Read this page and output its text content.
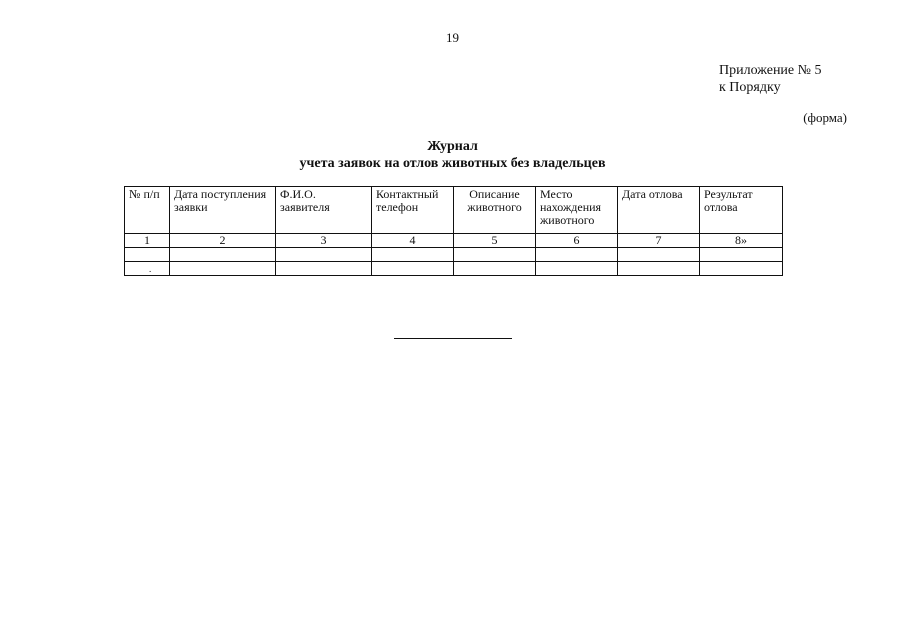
19
Приложение № 5
к Порядку
(форма)
Журнал
учета заявок на отлов животных без владельцев
№ п/п	Дата поступления заявки	Ф.И.О. заявителя	Контактный телефон	Описание животного	Место нахождения животного	Дата отлова	Результат отлова
1	2	3	4	5	6	7	8»

.							
